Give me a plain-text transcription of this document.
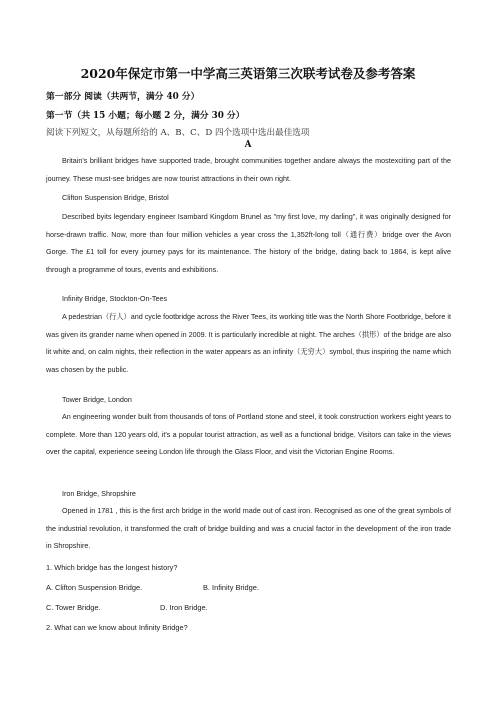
2020年保定市第一中学高三英语第三次联考试卷及参考答案
第一部分 阅读（共两节，满分 40 分）
第一节（共 15 小题；每小题 2 分，满分 30 分）
阅读下列短文，从每题所给的 A、B、C、D 四个选项中选出最佳选项
A

Britain's brilliant bridges have supported trade, brought communities together andare always the mostexciting part of the journey. These must-see bridges are now tourist attractions in their own right.

Clifton Suspension Bridge, Bristol

Described byits legendary engineer Isambard Kingdom Brunel as "my first love, my darling", it was originally designed for horse-drawn traffic. Now, more than four million vehicles a year cross the 1,352ft-long toll（通行费）bridge over the Avon Gorge. The £1 toll for every journey pays for its maintenance. The history of the bridge, dating back to 1864, is kept alive through a programme of tours, events and exhibitions.

Infinity Bridge, Stockton-On-Tees

A pedestrian（行人）and cycle footbridge across the River Tees, its working title was the North Shore Footbridge, before it was given its grander name when opened in 2009. It is particularly incredible at night. The arches（拱形）of the bridge are also lit white and, on calm nights, their reflection in the water appears as an infinity（无穷大）symbol, thus inspiring the name which was chosen by the public.

Tower Bridge, London

An engineering wonder built from thousands of tons of Portland stone and steel, it took construction workers eight years to complete. More than 120 years old, it's a popular tourist attraction, as well as a functional bridge. Visitors can take in the views over the capital, experience seeing London life through the Glass Floor, and visit the Victorian Engine Rooms.

Iron Bridge, Shropshire

Opened in 1781 , this is the first arch bridge in the world made out of cast iron. Recognised as one of the great symbols of the industrial revolution, it transformed the craft of bridge building and was a crucial factor in the development of the iron trade in Shropshire.

1. Which bridge has the longest history?
A. Clifton Suspension Bridge.	B. Infinity Bridge.
C. Tower Bridge.	D. Iron Bridge.
2. What can we know about Infinity Bridge?
